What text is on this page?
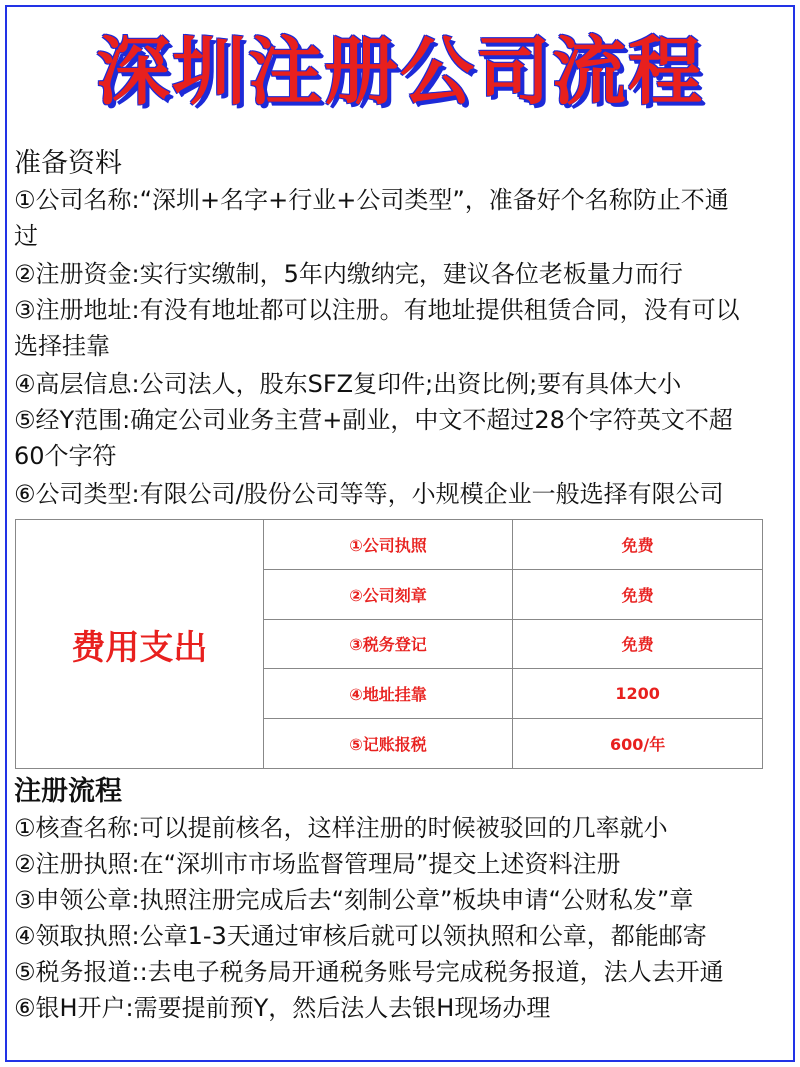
深圳注册公司流程

准备资料

①公司名称:“深圳+名字+行业+公司类型”，准备好个名称防止不通

过

②注册资金:实行实缴制，5年内缴纳完，建议各位老板量力而行

③注册地址:有没有地址都可以注册。有地址提供租赁合同，没有可以

选择挂靠

④高层信息:公司法人，股东SFZ复印件;出资比例;要有具体大小

⑤经Y范围:确定公司业务主营+副业，中文不超过28个字符英文不超

60个字符

⑥公司类型:有限公司/股份公司等等，小规模企业一般选择有限公司

费用支出	①公司执照	免费
	②公司刻章	免费
	③税务登记	免费
	④地址挂靠	1200
	⑤记账报税	600/年

注册流程

①核查名称:可以提前核名，这样注册的时候被驳回的几率就小

②注册执照:在“深圳市市场监督管理局”提交上述资料注册

③申领公章:执照注册完成后去“刻制公章”板块申请“公财私发”章

④领取执照:公章1-3天通过审核后就可以领执照和公章，都能邮寄

⑤税务报道::去电子税务局开通税务账号完成税务报道，法人去开通

⑥银H开户:需要提前预Y，然后法人去银H现场办理
